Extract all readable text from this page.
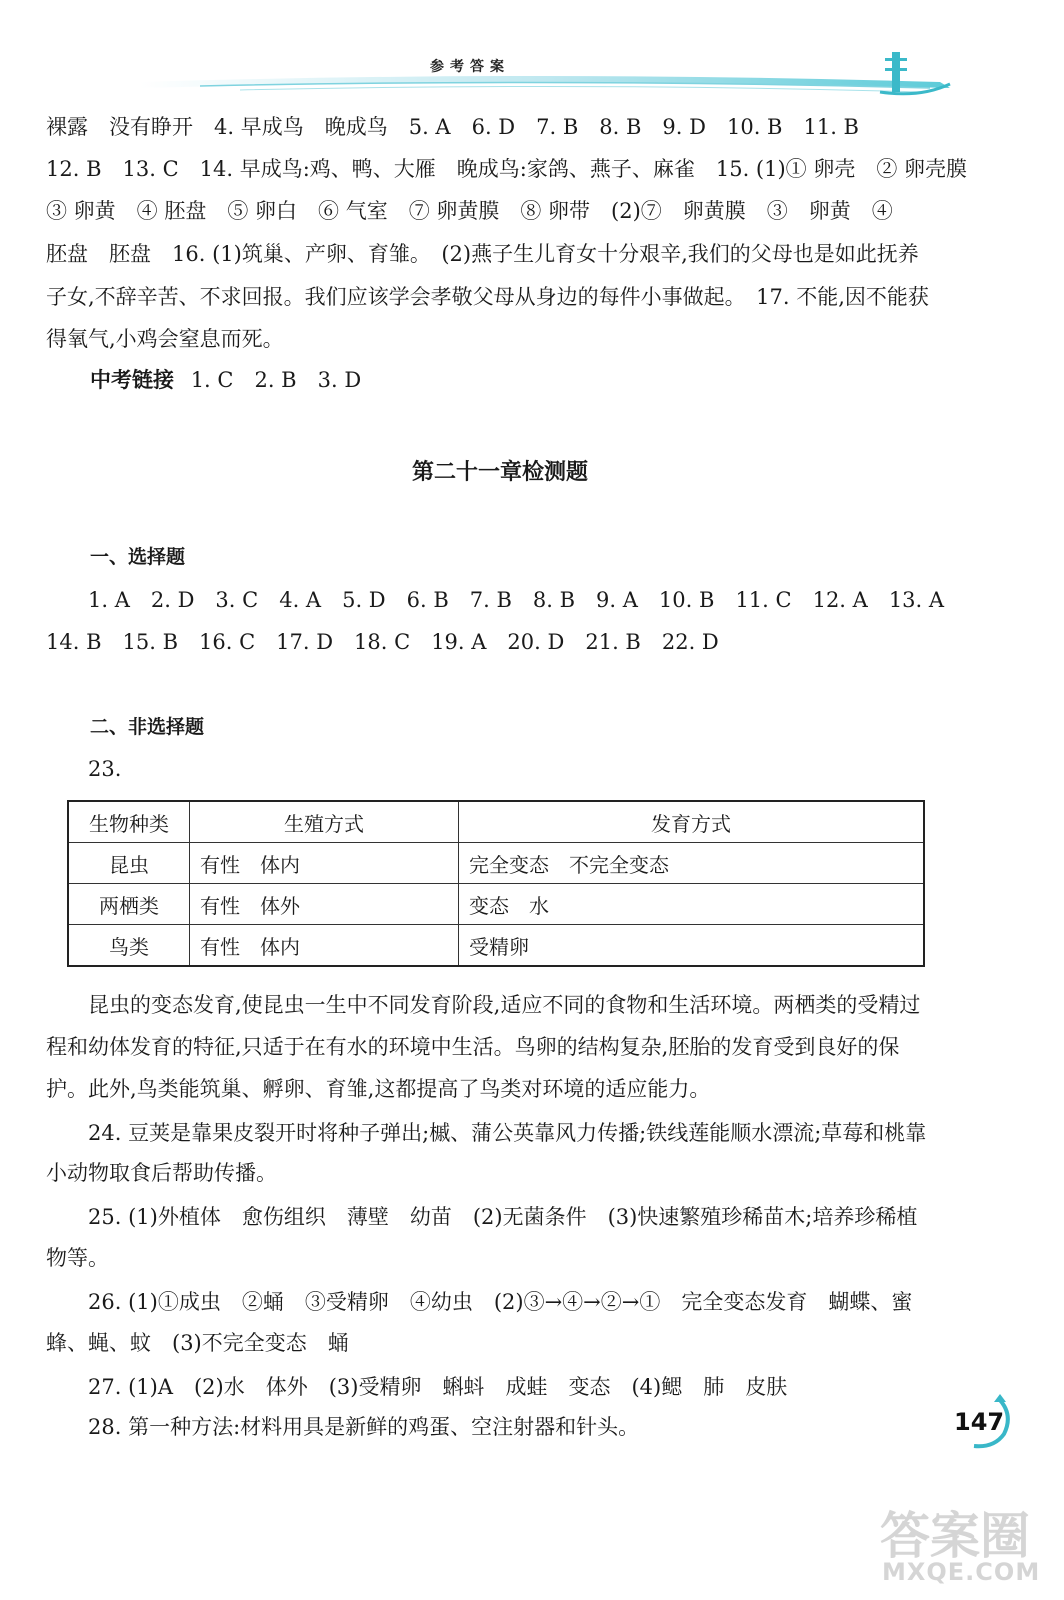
参考答案
裸露　没有睁开　4. 早成鸟　晚成鸟　5. A　6. D　7. B　8. B　9. D　10. B　11. B
12. B　13. C　14. 早成鸟:鸡、鸭、大雁　晚成鸟:家鸽、燕子、麻雀　15. (1)① 卵壳　② 卵壳膜
③ 卵黄　④ 胚盘　⑤ 卵白　⑥ 气室　⑦ 卵黄膜　⑧ 卵带　(2)⑦　卵黄膜　③　卵黄　④
胚盘　胚盘　16. (1)筑巢、产卵、育雏。　(2)燕子生儿育女十分艰辛,我们的父母也是如此抚养
子女,不辞辛苦、不求回报。我们应该学会孝敬父母从身边的每件小事做起。　17. 不能,因不能获
得氧气,小鸡会窒息而死。
中考链接 1. C　2. B　3. D
第二十一章检测题
一、选择题
1. A　2. D　3. C　4. A　5. D　6. B　7. B　8. B　9. A　10. B　11. C　12. A　13. A
14. B　15. B　16. C　17. D　18. C　19. A　20. D　21. B　22. D
二、非选择题
23.
生物种类	生殖方式	发育方式
昆虫	有性　体内	完全变态　不完全变态
两栖类	有性　体外	变态　水
鸟类	有性　体内	受精卵
昆虫的变态发育,使昆虫一生中不同发育阶段,适应不同的食物和生活环境。两栖类的受精过
程和幼体发育的特征,只适于在有水的环境中生活。鸟卵的结构复杂,胚胎的发育受到良好的保
护。此外,鸟类能筑巢、孵卵、育雏,这都提高了鸟类对环境的适应能力。
24. 豆荚是靠果皮裂开时将种子弹出;槭、蒲公英靠风力传播;铁线莲能顺水漂流;草莓和桃靠
小动物取食后帮助传播。
25. (1)外植体　愈伤组织　薄壁　幼苗　(2)无菌条件　(3)快速繁殖珍稀苗木;培养珍稀植
物等。
26. (1)①成虫　②蛹　③受精卵　④幼虫　(2)③→④→②→①　完全变态发育　蝴蝶、蜜
蜂、蝇、蚊　(3)不完全变态　蛹
27. (1)A　(2)水　体外　(3)受精卵　蝌蚪　成蛙　变态　(4)鳃　肺　皮肤
28. 第一种方法:材料用具是新鲜的鸡蛋、空注射器和针头。	147
答案圈
MXQE.COM
